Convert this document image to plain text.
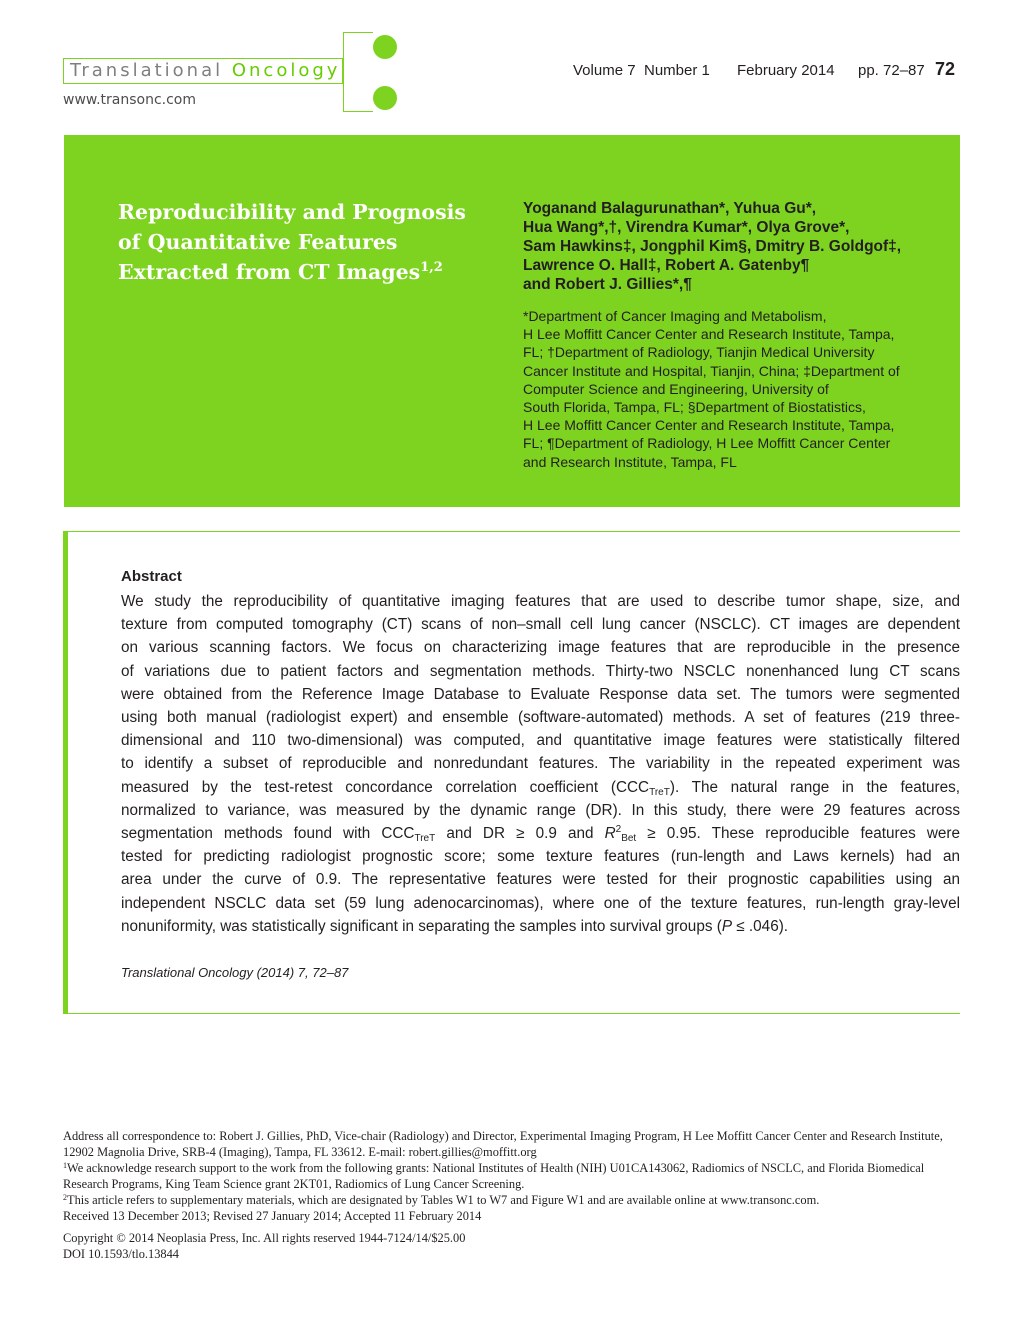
Translational Oncology
www.transonc.com
Volume 7 Number 1 February 2014 pp. 72–87 72
Reproducibility and Prognosis
of Quantitative Features
Extracted from CT Images$^{1,2}$
Yoganand Balagurunathan*, Yuhua Gu*,
Hua Wang*,†, Virendra Kumar*, Olya Grove*,
Sam Hawkins‡, Jongphil Kim§, Dmitry B. Goldgof‡,
Lawrence O. Hall‡, Robert A. Gatenby¶
and Robert J. Gillies*,¶
*Department of Cancer Imaging and Metabolism,
H Lee Moffitt Cancer Center and Research Institute, Tampa,
FL; †Department of Radiology, Tianjin Medical University
Cancer Institute and Hospital, Tianjin, China; ‡Department of
Computer Science and Engineering, University of
South Florida, Tampa, FL; §Department of Biostatistics,
H Lee Moffitt Cancer Center and Research Institute, Tampa,
FL; ¶Department of Radiology, H Lee Moffitt Cancer Center
and Research Institute, Tampa, FL
Abstract
We study the reproducibility of quantitative imaging features that are used to describe tumor shape, size, and
texture from computed tomography (CT) scans of non–small cell lung cancer (NSCLC). CT images are dependent
on various scanning factors. We focus on characterizing image features that are reproducible in the presence
of variations due to patient factors and segmentation methods. Thirty-two NSCLC nonenhanced lung CT scans
were obtained from the Reference Image Database to Evaluate Response data set. The tumors were segmented
using both manual (radiologist expert) and ensemble (software-automated) methods. A set of features (219 three-
dimensional and 110 two-dimensional) was computed, and quantitative image features were statistically filtered
to identify a subset of reproducible and nonredundant features. The variability in the repeated experiment was
measured by the test-retest concordance correlation coefficient $(CCC_{TreT})$. The natural range in the features,
normalized to variance, was measured by the dynamic range (DR). In this study, there were 29 features across
segmentation methods found with $CCC_{TreT}$ and DR ≥ 0.9 and $R^2_{Bet} \ge 0.95$. These reproducible features were
tested for predicting radiologist prognostic score; some texture features (run-length and Laws kernels) had an
area under the curve of 0.9. The representative features were tested for their prognostic capabilities using an
independent NSCLC data set (59 lung adenocarcinomas), where one of the texture features, run-length gray-level
nonuniformity, was statistically significant in separating the samples into survival groups (P ≤ .046).
Translational Oncology (2014) 7, 72–87
Address all correspondence to: Robert J. Gillies, PhD, Vice-chair (Radiology) and Director, Experimental Imaging Program, H Lee Moffitt Cancer Center and Research Institute,
12902 Magnolia Drive, SRB-4 (Imaging), Tampa, FL 33612. E-mail: robert.gillies@moffitt.org
$^1$We acknowledge research support to the work from the following grants: National Institutes of Health (NIH) U01CA143062, Radiomics of NSCLC, and Florida Biomedical
Research Programs, King Team Science grant 2KT01, Radiomics of Lung Cancer Screening.
$^2$This article refers to supplementary materials, which are designated by Tables W1 to W7 and Figure W1 and are available online at www.transonc.com.
Received 13 December 2013; Revised 27 January 2014; Accepted 11 February 2014
Copyright © 2014 Neoplasia Press, Inc. All rights reserved 1944-7124/14/$25.00
DOI 10.1593/tlo.13844
